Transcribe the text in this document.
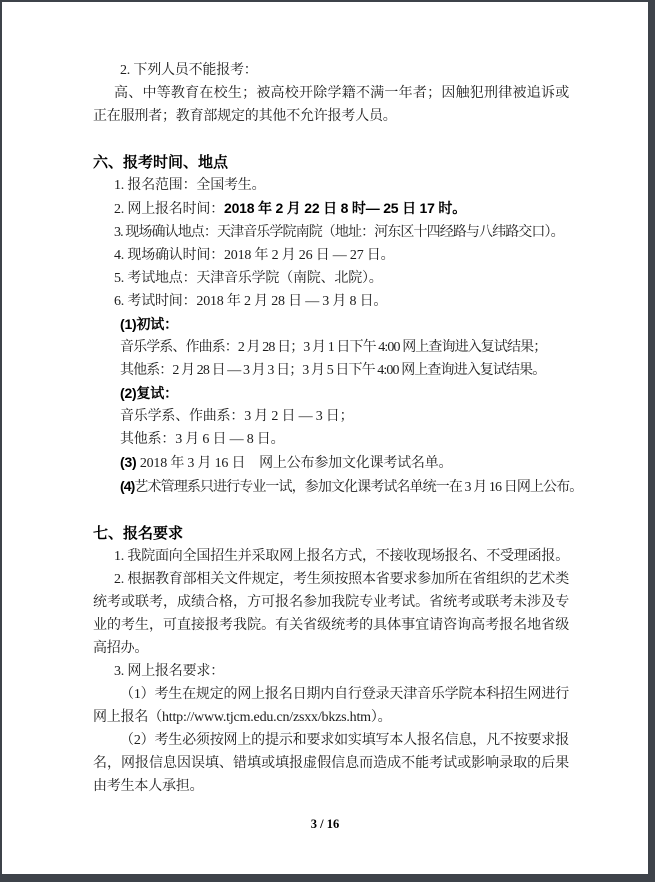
2. 下列人员不能报考：

高、中等教育在校生；被高校开除学籍不满一年者；因触犯刑律被追诉或正在服刑者；教育部规定的其他不允许报考人员。

六、报考时间、地点

1. 报名范围：全国考生。

2. 网上报名时间：2018 年 2 月 22 日 8 时— 25 日 17 时。

3. 现场确认地点：天津音乐学院南院（地址：河东区十四经路与八纬路交口）。

4. 现场确认时间：2018 年 2 月 26 日 — 27 日。

5. 考试地点：天津音乐学院（南院、北院）。

6. 考试时间：2018 年 2 月 28 日 — 3 月 8 日。

(1)初试：

音乐学系、作曲系：2 月 28 日；3 月 1 日下午 4:00 网上查询进入复试结果；

其他系：2 月 28 日 — 3 月 3 日；3 月 5 日下午 4:00 网上查询进入复试结果。

(2)复试：

音乐学系、作曲系：3 月 2 日 — 3 日；

其他系：3 月 6 日 — 8 日。

(3) 2018 年 3 月 16 日　网上公布参加文化课考试名单。

(4)艺术管理系只进行专业一试，参加文化课考试名单统一在 3 月 16 日网上公布。

七、报名要求

1. 我院面向全国招生并采取网上报名方式，不接收现场报名、不受理函报。

2. 根据教育部相关文件规定，考生须按照本省要求参加所在省组织的艺术类统考或联考，成绩合格，方可报名参加我院专业考试。省统考或联考未涉及专业的考生，可直接报考我院。有关省级统考的具体事宜请咨询高考报名地省级高招办。

3. 网上报名要求：

（1）考生在规定的网上报名日期内自行登录天津音乐学院本科招生网进行网上报名（http://www.tjcm.edu.cn/zsxx/bkzs.htm）。

（2）考生必须按网上的提示和要求如实填写本人报名信息，凡不按要求报名，网报信息因误填、错填或填报虚假信息而造成不能考试或影响录取的后果由考生本人承担。

3 / 16
